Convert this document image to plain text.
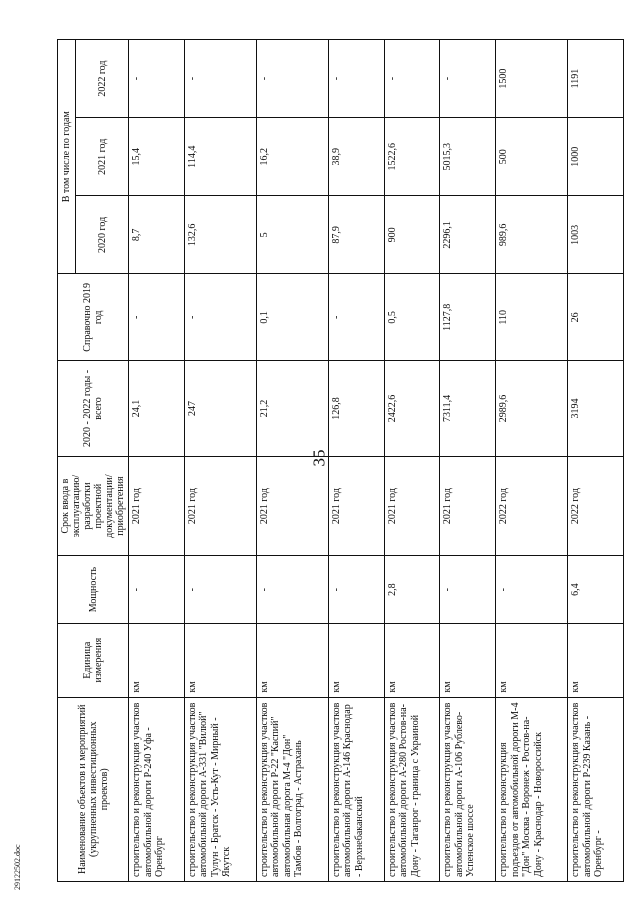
35
Наименование объектов и мероприятий (укрупненных инвестиционных проектов)	Единица измерения	Мощность	Срок ввода в эксплуатацию/ разработки проектной документации/ приобретения	2020 - 2022 годы - всего	Справочно 2019 год	В том числе по годам		
						2020 год	2021 год	2022 год
строительство и реконструкция участков автомобильной дороги Р-240 Уфа - Оренбург	км	-	2021 год	24,1	-	8,7	15,4	-
строительство и реконструкция участков автомобильной дороги А-331 "Вилюй" Тулун - Братск - Усть-Кут - Мирный - Якутск	км	-	2021 год	247	-	132,6	114,4	-
строительство и реконструкция участков автомобильной дороги Р-22 "Каспий" автомобильная дорога М-4 "Дон" Тамбов - Волгоград - Астрахань	км	-	2021 год	21,2	0,1	5	16,2	-
строительство и реконструкция участков автомобильной дороги А-146 Краснодар - Верхнебаканский	км	-	2021 год	126,8	-	87,9	38,9	-
строительство и реконструкция участков автомобильной дороги А-280 Ростов-на-Дону - Таганрог - граница с Украиной	км	2,8	2021 год	2422,6	0,5	900	1522,6	-
строительство и реконструкция участков автомобильной дороги А-106 Рублево-Успенское шоссе	км	-	2021 год	7311,4	1127,8	2296,1	5015,3	-
строительство и реконструкция подъездов от автомобильной дороги М-4 "Дон" Москва - Воронеж - Ростов-на-Дону - Краснодар - Новороссийск	км	-	2022 год	2989,6	110	989,6	500	1500
строительство и реконструкция участков автомобильной дороги Р-239 Казань - Оренбург -	км	6,4	2022 год	3194	26	1003	1000	1191
29122502.doc
